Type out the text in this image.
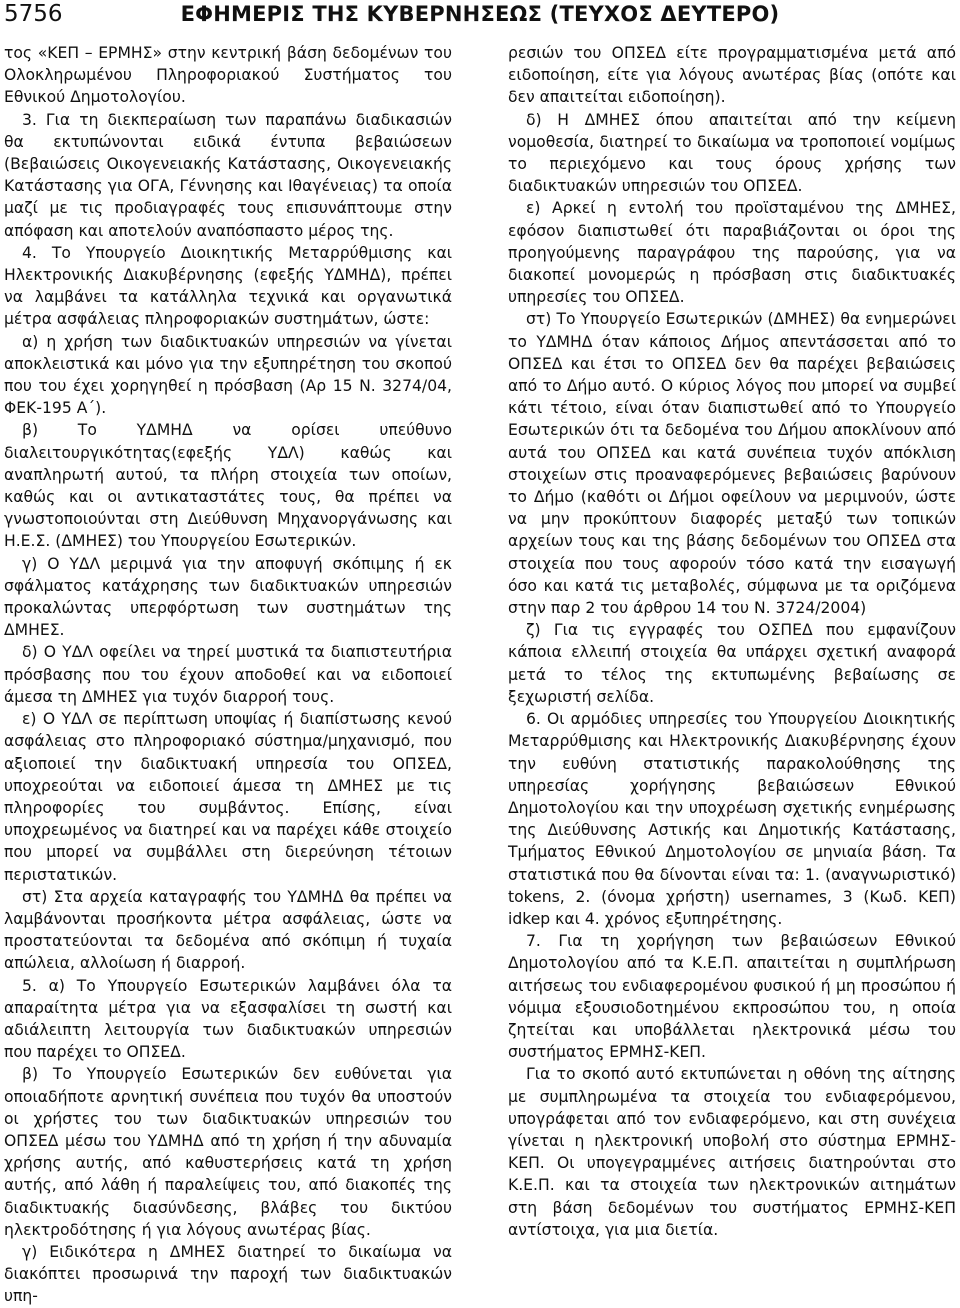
5756	ΕΦΗΜΕΡΙΣ ΤΗΣ ΚΥΒΕΡΝΗΣΕΩΣ (ΤΕΥΧΟΣ ΔΕΥΤΕΡΟ)

τος «ΚΕΠ – ΕΡΜΗΣ» στην κεντρική βάση δεδομένων του Ολοκληρωμένου Πληροφοριακού Συστήματος του Εθνικού Δημοτολογίου.

3. Για τη διεκπεραίωση των παραπάνω διαδικασιών θα εκτυπώνονται ειδικά έντυπα βεβαιώσεων (Βεβαιώσεις Οικογενειακής Κατάστασης, Οικογενειακής Κατάστασης για ΟΓΑ, Γέννησης και Ιθαγένειας) τα οποία μαζί με τις προδιαγραφές τους επισυνάπτουμε στην απόφαση και αποτελούν αναπόσπαστο μέρος της.

4. Το Υπουργείο Διοικητικής Μεταρρύθμισης και Ηλεκτρονικής Διακυβέρνησης (εφεξής ΥΔΜΗΔ), πρέπει να λαμβάνει τα κατάλληλα τεχνικά και οργανωτικά μέτρα ασφάλειας πληροφοριακών συστημάτων, ώστε:

α) η χρήση των διαδικτυακών υπηρεσιών να γίνεται αποκλειστικά και μόνο για την εξυπηρέτηση του σκοπού που του έχει χορηγηθεί η πρόσβαση (Αρ 15 Ν. 3274/04, ΦΕΚ-195 Α΄).

β) Το ΥΔΜΗΔ να ορίσει υπεύθυνο διαλειτουργικότητας(εφεξής ΥΔΛ) καθώς και αναπληρωτή αυτού, τα πλήρη στοιχεία των οποίων, καθώς και οι αντικαταστάτες τους, θα πρέπει να γνωστοποιούνται στη Διεύθυνση Μηχανοργάνωσης και Η.Ε.Σ. (ΔΜΗΕΣ) του Υπουργείου Εσωτερικών.

γ) Ο ΥΔΛ μεριμνά για την αποφυγή σκόπιμης ή εκ σφάλματος κατάχρησης των διαδικτυακών υπηρεσιών προκαλώντας υπερφόρτωση των συστημάτων της ΔΜΗΕΣ.

δ) Ο ΥΔΛ οφείλει να τηρεί μυστικά τα διαπιστευτήρια πρόσβασης που του έχουν αποδοθεί και να ειδοποιεί άμεσα τη ΔΜΗΕΣ για τυχόν διαρροή τους.

ε) Ο ΥΔΛ σε περίπτωση υποψίας ή διαπίστωσης κενού ασφάλειας στο πληροφοριακό σύστημα/μηχανισμό, που αξιοποιεί την διαδικτυακή υπηρεσία του ΟΠΣΕΔ, υποχρεούται να ειδοποιεί άμεσα τη ΔΜΗΕΣ με τις πληροφορίες του συμβάντος. Επίσης, είναι υποχρεωμένος να διατηρεί και να παρέχει κάθε στοιχείο που μπορεί να συμβάλλει στη διερεύνηση τέτοιων περιστατικών.

στ) Στα αρχεία καταγραφής του ΥΔΜΗΔ θα πρέπει να λαμβάνονται προσήκοντα μέτρα ασφάλειας, ώστε να προστατεύονται τα δεδομένα από σκόπιμη ή τυχαία απώλεια, αλλοίωση ή διαρροή.

5. α) Το Υπουργείο Εσωτερικών λαμβάνει όλα τα απαραίτητα μέτρα για να εξασφαλίσει τη σωστή και αδιάλειπτη λειτουργία των διαδικτυακών υπηρεσιών που παρέχει το ΟΠΣΕΔ.

β) Το Υπουργείο Εσωτερικών δεν ευθύνεται για οποιαδήποτε αρνητική συνέπεια που τυχόν θα υποστούν οι χρήστες του των διαδικτυακών υπηρεσιών του ΟΠΣΕΔ μέσω του ΥΔΜΗΔ από τη χρήση ή την αδυναμία χρήσης αυτής, από καθυστερήσεις κατά τη χρήση αυτής, από λάθη ή παραλείψεις του, από διακοπές της διαδικτυακής διασύνδεσης, βλάβες του δικτύου ηλεκτροδότησης ή για λόγους ανωτέρας βίας.

γ) Ειδικότερα η ΔΜΗΕΣ διατηρεί το δικαίωμα να διακόπτει προσωρινά την παροχή των διαδικτυακών υπη-

ρεσιών του ΟΠΣΕΔ είτε προγραμματισμένα μετά από ειδοποίηση, είτε για λόγους ανωτέρας βίας (οπότε και δεν απαιτείται ειδοποίηση).

δ) Η ΔΜΗΕΣ όπου απαιτείται από την κείμενη νομοθεσία, διατηρεί το δικαίωμα να τροποποιεί νομίμως το περιεχόμενο και τους όρους χρήσης των διαδικτυακών υπηρεσιών του ΟΠΣΕΔ.

ε) Αρκεί η εντολή του προϊσταμένου της ΔΜΗΕΣ, εφόσον διαπιστωθεί ότι παραβιάζονται οι όροι της προηγούμενης παραγράφου της παρούσης, για να διακοπεί μονομερώς η πρόσβαση στις διαδικτυακές υπηρεσίες του ΟΠΣΕΔ.

στ) Το Υπουργείο Εσωτερικών (ΔΜΗΕΣ) θα ενημερώνει το ΥΔΜΗΔ όταν κάποιος Δήμος απεντάσσεται από το ΟΠΣΕΔ και έτσι το ΟΠΣΕΔ δεν θα παρέχει βεβαιώσεις από το Δήμο αυτό. Ο κύριος λόγος που μπορεί να συμβεί κάτι τέτοιο, είναι όταν διαπιστωθεί από το Υπουργείο Εσωτερικών ότι τα δεδομένα του Δήμου αποκλίνουν από αυτά του ΟΠΣΕΔ και κατά συνέπεια τυχόν απόκλιση στοιχείων στις προαναφερόμενες βεβαιώσεις βαρύνουν το Δήμο (καθότι οι Δήμοι οφείλουν να μεριμνούν, ώστε να μην προκύπτουν διαφορές μεταξύ των τοπικών αρχείων τους και της βάσης δεδομένων του ΟΠΣΕΔ στα στοιχεία που τους αφορούν τόσο κατά την εισαγωγή όσο και κατά τις μεταβολές, σύμφωνα με τα οριζόμενα στην παρ 2 του άρθρου 14 του Ν. 3724/2004)

ζ) Για τις εγγραφές του ΟΣΠΕΔ που εμφανίζουν κάποια ελλειπή στοιχεία θα υπάρχει σχετική αναφορά μετά το τέλος της εκτυπωμένης βεβαίωσης σε ξεχωριστή σελίδα.

6. Οι αρμόδιες υπηρεσίες του Υπουργείου Διοικητικής Μεταρρύθμισης και Ηλεκτρονικής Διακυβέρνησης έχουν την ευθύνη στατιστικής παρακολούθησης της υπηρεσίας χορήγησης βεβαιώσεων Εθνικού Δημοτολογίου και την υποχρέωση σχετικής ενημέρωσης της Διεύθυνσης Αστικής και Δημοτικής Κατάστασης, Τμήματος Εθνικού Δημοτολογίου σε μηνιαία βάση. Τα στατιστικά που θα δίνονται είναι τα: 1. (αναγνωριστικό) tokens, 2. (όνομα χρήστη) usernames, 3 (Κωδ. ΚΕΠ) idkep και 4. χρόνος εξυπηρέτησης.

7. Για τη χορήγηση των βεβαιώσεων Εθνικού Δημοτολογίου από τα Κ.Ε.Π. απαιτείται η συμπλήρωση αιτήσεως του ενδιαφερομένου φυσικού ή μη προσώπου ή νόμιμα εξουσιοδοτημένου εκπροσώπου του, η οποία ζητείται και υποβάλλεται ηλεκτρονικά μέσω του συστήματος ΕΡΜΗΣ-ΚΕΠ.

Για το σκοπό αυτό εκτυπώνεται η οθόνη της αίτησης με συμπληρωμένα τα στοιχεία του ενδιαφερόμενου, υπογράφεται από τον ενδιαφερόμενο, και στη συνέχεια γίνεται η ηλεκτρονική υποβολή στο σύστημα ΕΡΜΗΣ-ΚΕΠ. Οι υπογεγραμμένες αιτήσεις διατηρούνται στο Κ.Ε.Π. και τα στοιχεία των ηλεκτρονικών αιτημάτων στη βάση δεδομένων του συστήματος ΕΡΜΗΣ-ΚΕΠ αντίστοιχα, για μια διετία.
